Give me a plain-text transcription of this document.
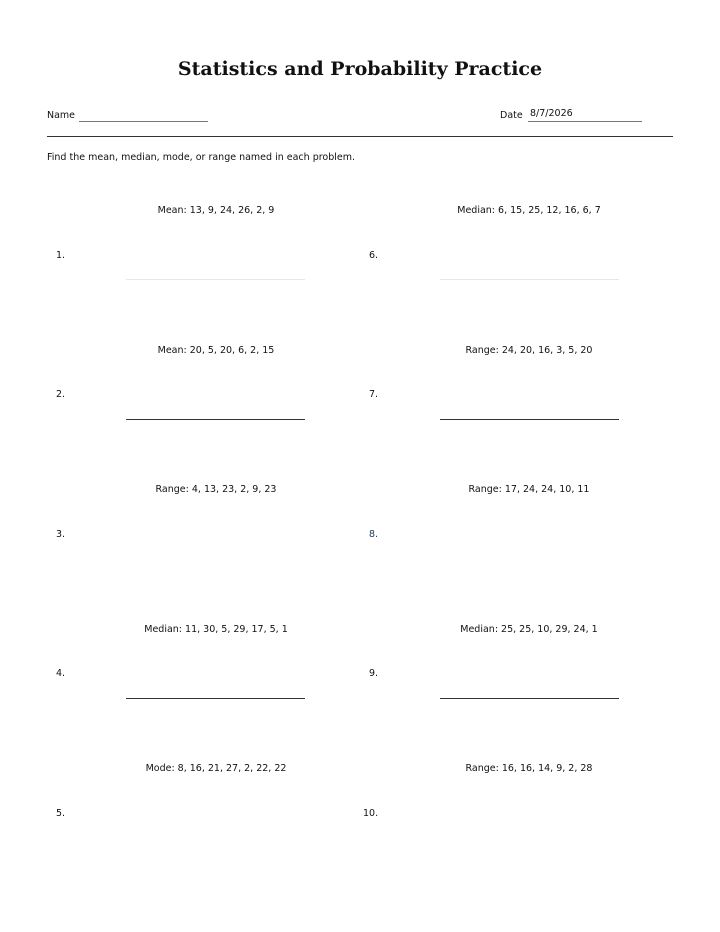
Statistics and Probability Practice
Name	Date 8/7/2026
Find the mean, median, mode, or range named in each problem.
Mean: 13, 9, 24, 26, 2, 9
1.
Mean: 20, 5, 20, 6, 2, 15
2.
Range: 4, 13, 23, 2, 9, 23
3.
Median: 11, 30, 5, 29, 17, 5, 1
4.
Mode: 8, 16, 21, 27, 2, 22, 22
5.
Median: 6, 15, 25, 12, 16, 6, 7
6.
Range: 24, 20, 16, 3, 5, 20
7.
Range: 17, 24, 24, 10, 11
8.
Median: 25, 25, 10, 29, 24, 1
9.
Range: 16, 16, 14, 9, 2, 28
10.
